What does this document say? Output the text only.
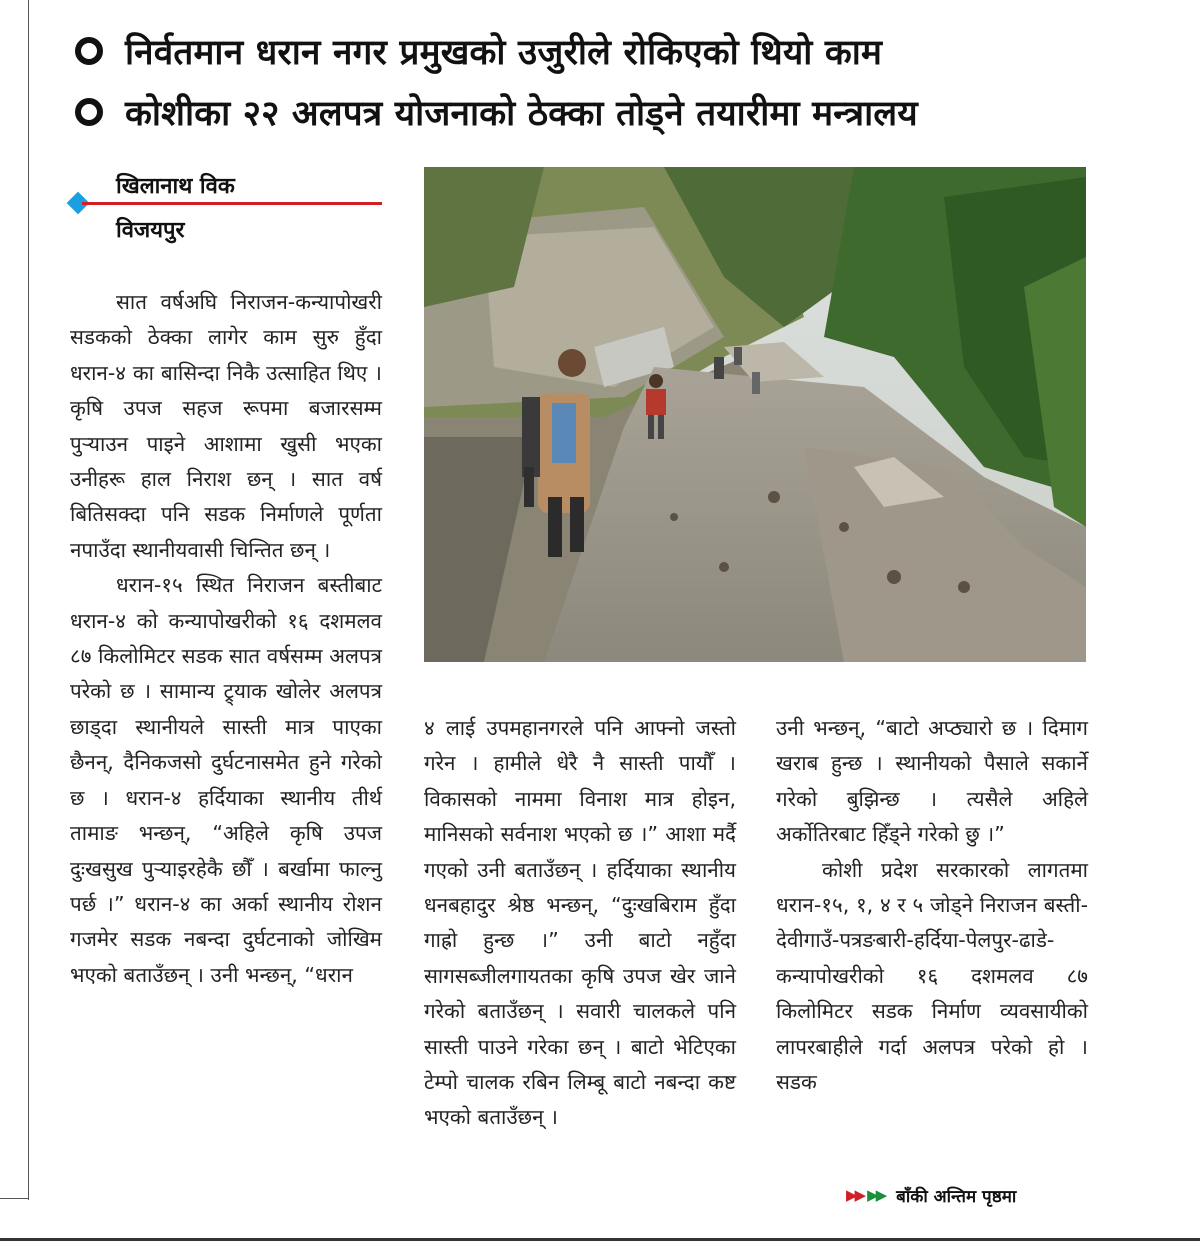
निर्वतमान धरान नगर प्रमुखको उजुरीले रोकिएको थियो काम
कोशीका २२ अलपत्र योजनाको ठेक्का तोड्ने तयारीमा मन्त्रालय
खिलानाथ विक
विजयपुर

सात वर्षअघि निराजन-कन्यापोखरी सडकको ठेक्का लागेर काम सुरु हुँदा धरान-४ का बासिन्दा निकै उत्साहित थिए । कृषि उपज सहज रूपमा बजारसम्म पुर्‍याउन पाइने आशामा खुसी भएका उनीहरू हाल निराश छन् । सात वर्ष बितिसक्दा पनि सडक निर्माणले पूर्णता नपाउँदा स्थानीयवासी चिन्तित छन् ।

धरान-१५ स्थित निराजन बस्तीबाट धरान-४ को कन्यापोखरीको १६ दशमलव ८७ किलोमिटर सडक सात वर्षसम्म अलपत्र परेको छ । सामान्य ट्र्याक खोलेर अलपत्र छाड्दा स्थानीयले सास्ती मात्र पाएका छैनन्, दैनिकजसो दुर्घटनासमेत हुने गरेको छ । धरान-४ हर्दियाका स्थानीय तीर्थ तामाङ भन्छन्, “अहिले कृषि उपज दुःखसुख पुर्‍याइरहेकै छौँ । बर्खामा फाल्नु पर्छ ।” धरान-४ का अर्का स्थानीय रोशन गजमेर सडक नबन्दा दुर्घटनाको जोखिम भएको बताउँछन् । उनी भन्छन्, “धरान

४ लाई उपमहानगरले पनि आफ्नो जस्तो गरेन । हामीले धेरै नै सास्ती पायौँ । विकासको नाममा विनाश मात्र होइन, मानिसको सर्वनाश भएको छ ।” आशा मर्दै गएको उनी बताउँछन् । हर्दियाका स्थानीय धनबहादुर श्रेष्ठ भन्छन्, “दुःखबिराम हुँदा गाह्रो हुन्छ ।” उनी बाटो नहुँदा सागसब्जीलगायतका कृषि उपज खेर जाने गरेको बताउँछन् । सवारी चालकले पनि सास्ती पाउने गरेका छन् । बाटो भेटिएका टेम्पो चालक रबिन लिम्बू बाटो नबन्दा कष्ट भएको बताउँछन् ।

उनी भन्छन्, “बाटो अप्ठ्यारो छ । दिमाग खराब हुन्छ । स्थानीयको पैसाले सकार्ने गरेको बुझिन्छ । त्यसैले अहिले अर्कोतिरबाट हिँड्ने गरेको छु ।”

कोशी प्रदेश सरकारको लागतमा धरान-१५, १, ४ र ५ जोड्ने निराजन बस्ती-देवीगाउँ-पत्रङबारी-हर्दिया-पेलपुर-ढाडे-कन्यापोखरीको १६ दशमलव ८७ किलोमिटर सडक निर्माण व्यवसायीको लापरबाहीले गर्दा अलपत्र परेको हो । सडक

▶▶ ▶▶ बाँकी अन्तिम पृष्ठमा
